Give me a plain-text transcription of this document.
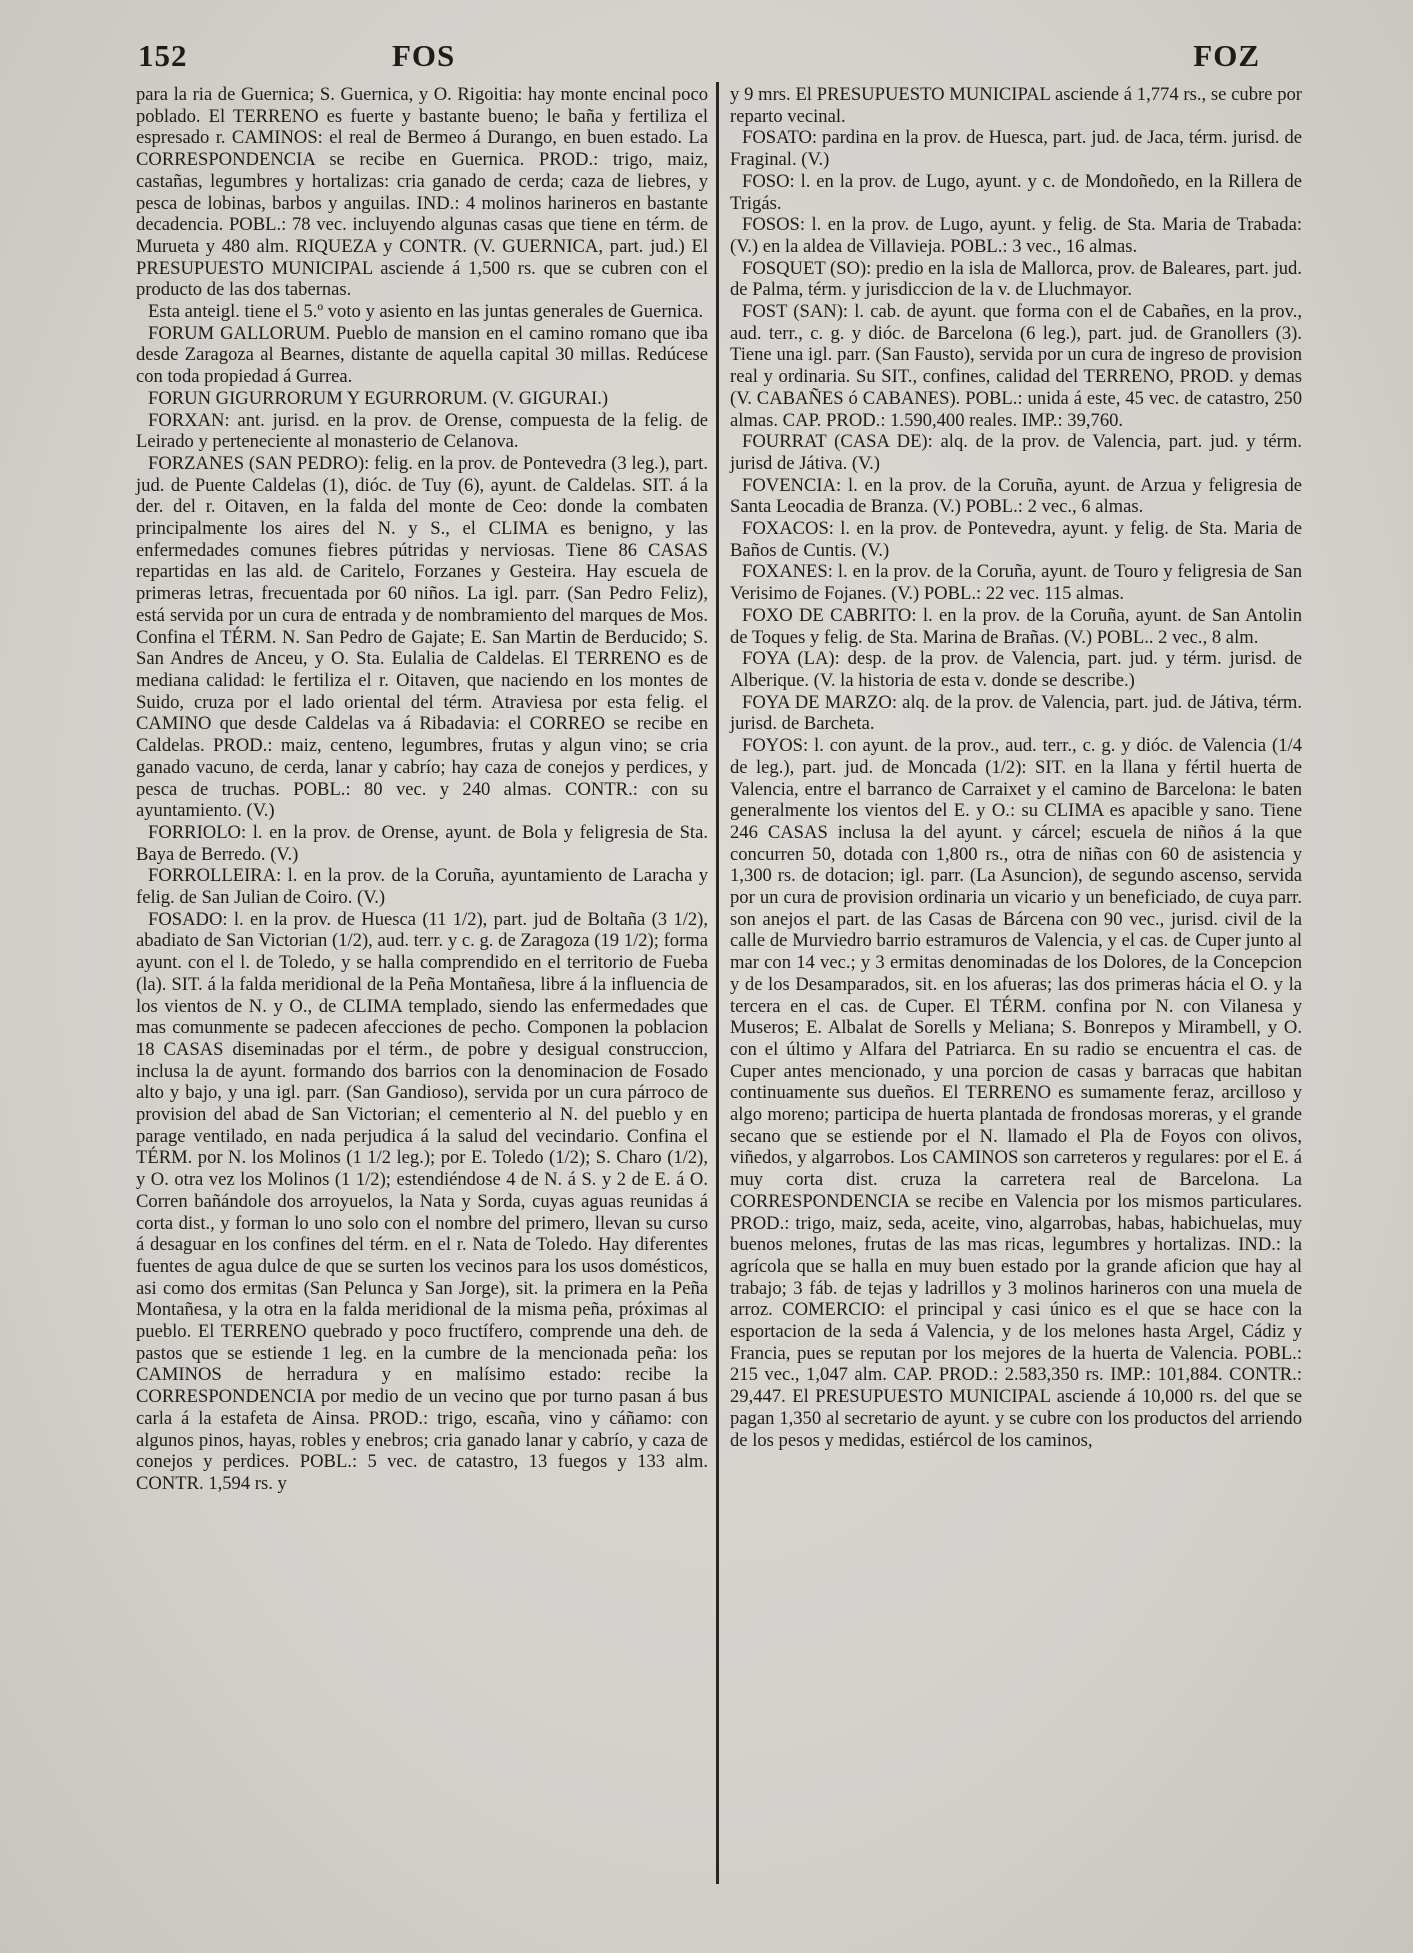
152	FOS	FOZ

para la ria de Guernica; S. Guernica, y O. Rigoitia: hay monte encinal poco poblado. El TERRENO es fuerte y bastante bueno; le baña y fertiliza el espresado r. CAMINOS: el real de Bermeo á Durango, en buen estado. La CORRESPONDENCIA se recibe en Guernica. PROD.: trigo, maiz, castañas, legumbres y hortalizas: cria ganado de cerda; caza de liebres, y pesca de lobinas, barbos y anguilas. IND.: 4 molinos harineros en bastante decadencia. POBL.: 78 vec. incluyendo algunas casas que tiene en térm. de Murueta y 480 alm. RIQUEZA y CONTR. (V. GUERNICA, part. jud.) El PRESUPUESTO MUNICIPAL asciende á 1,500 rs. que se cubren con el producto de las dos tabernas.

Esta anteigl. tiene el 5.º voto y asiento en las juntas generales de Guernica.

FORUM GALLORUM. Pueblo de mansion en el camino romano que iba desde Zaragoza al Bearnes, distante de aquella capital 30 millas. Redúcese con toda propiedad á Gurrea.

FORUN GIGURRORUM Y EGURRORUM. (V. GIGURAI.)

FORXAN: ant. jurisd. en la prov. de Orense, compuesta de la felig. de Leirado y perteneciente al monasterio de Celanova.

FORZANES (SAN PEDRO): felig. en la prov. de Pontevedra (3 leg.), part. jud. de Puente Caldelas (1), dióc. de Tuy (6), ayunt. de Caldelas. SIT. á la der. del r. Oitaven, en la falda del monte de Ceo: donde la combaten principalmente los aires del N. y S., el CLIMA es benigno, y las enfermedades comunes fiebres pútridas y nerviosas. Tiene 86 CASAS repartidas en las ald. de Caritelo, Forzanes y Gesteira. Hay escuela de primeras letras, frecuentada por 60 niños. La igl. parr. (San Pedro Feliz), está servida por un cura de entrada y de nombramiento del marques de Mos. Confina el TÉRM. N. San Pedro de Gajate; E. San Martin de Berducido; S. San Andres de Anceu, y O. Sta. Eulalia de Caldelas. El TERRENO es de mediana calidad: le fertiliza el r. Oitaven, que naciendo en los montes de Suido, cruza por el lado oriental del térm. Atraviesa por esta felig. el CAMINO que desde Caldelas va á Ribadavia: el CORREO se recibe en Caldelas. PROD.: maiz, centeno, legumbres, frutas y algun vino; se cria ganado vacuno, de cerda, lanar y cabrío; hay caza de conejos y perdices, y pesca de truchas. POBL.: 80 vec. y 240 almas. CONTR.: con su ayuntamiento. (V.)

FORRIOLO: l. en la prov. de Orense, ayunt. de Bola y feligresia de Sta. Baya de Berredo. (V.)

FORROLLEIRA: l. en la prov. de la Coruña, ayuntamiento de Laracha y felig. de San Julian de Coiro. (V.)

FOSADO: l. en la prov. de Huesca (11 1/2), part. jud de Boltaña (3 1/2), abadiato de San Victorian (1/2), aud. terr. y c. g. de Zaragoza (19 1/2); forma ayunt. con el l. de Toledo, y se halla comprendido en el territorio de Fueba (la). SIT. á la falda meridional de la Peña Montañesa, libre á la influencia de los vientos de N. y O., de CLIMA templado, siendo las enfermedades que mas comunmente se padecen afecciones de pecho. Componen la poblacion 18 CASAS diseminadas por el térm., de pobre y desigual construccion, inclusa la de ayunt. formando dos barrios con la denominacion de Fosado alto y bajo, y una igl. parr. (San Gandioso), servida por un cura párroco de provision del abad de San Victorian; el cementerio al N. del pueblo y en parage ventilado, en nada perjudica á la salud del vecindario. Confina el TÉRM. por N. los Molinos (1 1/2 leg.); por E. Toledo (1/2); S. Charo (1/2), y O. otra vez los Molinos (1 1/2); estendiéndose 4 de N. á S. y 2 de E. á O. Corren bañándole dos arroyuelos, la Nata y Sorda, cuyas aguas reunidas á corta dist., y forman lo uno solo con el nombre del primero, llevan su curso á desaguar en los confines del térm. en el r. Nata de Toledo. Hay diferentes fuentes de agua dulce de que se surten los vecinos para los usos domésticos, asi como dos ermitas (San Pelunca y San Jorge), sit. la primera en la Peña Montañesa, y la otra en la falda meridional de la misma peña, próximas al pueblo. El TERRENO quebrado y poco fructífero, comprende una deh. de pastos que se estiende 1 leg. en la cumbre de la mencionada peña: los CAMINOS de herradura y en malísimo estado: recibe la CORRESPONDENCIA por medio de un vecino que por turno pasan á bus carla á la estafeta de Ainsa. PROD.: trigo, escaña, vino y cáñamo: con algunos pinos, hayas, robles y enebros; cria ganado lanar y cabrío, y caza de conejos y perdices. POBL.: 5 vec. de catastro, 13 fuegos y 133 alm. CONTR. 1,594 rs. y

y 9 mrs. El PRESUPUESTO MUNICIPAL asciende á 1,774 rs., se cubre por reparto vecinal.

FOSATO: pardina en la prov. de Huesca, part. jud. de Jaca, térm. jurisd. de Fraginal. (V.)

FOSO: l. en la prov. de Lugo, ayunt. y c. de Mondoñedo, en la Rillera de Trigás.

FOSOS: l. en la prov. de Lugo, ayunt. y felig. de Sta. Maria de Trabada: (V.) en la aldea de Villavieja. POBL.: 3 vec., 16 almas.

FOSQUET (SO): predio en la isla de Mallorca, prov. de Baleares, part. jud. de Palma, térm. y jurisdiccion de la v. de Lluchmayor.

FOST (SAN): l. cab. de ayunt. que forma con el de Cabañes, en la prov., aud. terr., c. g. y dióc. de Barcelona (6 leg.), part. jud. de Granollers (3). Tiene una igl. parr. (San Fausto), servida por un cura de ingreso de provision real y ordinaria. Su SIT., confines, calidad del TERRENO, PROD. y demas (V. CABAÑES ó CABANES). POBL.: unida á este, 45 vec. de catastro, 250 almas. CAP. PROD.: 1.590,400 reales. IMP.: 39,760.

FOURRAT (CASA DE): alq. de la prov. de Valencia, part. jud. y térm. jurisd de Játiva. (V.)

FOVENCIA: l. en la prov. de la Coruña, ayunt. de Arzua y feligresia de Santa Leocadia de Branza. (V.) POBL.: 2 vec., 6 almas.

FOXACOS: l. en la prov. de Pontevedra, ayunt. y felig. de Sta. Maria de Baños de Cuntis. (V.)

FOXANES: l. en la prov. de la Coruña, ayunt. de Touro y feligresia de San Verisimo de Fojanes. (V.) POBL.: 22 vec. 115 almas.

FOXO DE CABRITO: l. en la prov. de la Coruña, ayunt. de San Antolin de Toques y felig. de Sta. Marina de Brañas. (V.) POBL.. 2 vec., 8 alm.

FOYA (LA): desp. de la prov. de Valencia, part. jud. y térm. jurisd. de Alberique. (V. la historia de esta v. donde se describe.)

FOYA DE MARZO: alq. de la prov. de Valencia, part. jud. de Játiva, térm. jurisd. de Barcheta.

FOYOS: l. con ayunt. de la prov., aud. terr., c. g. y dióc. de Valencia (1/4 de leg.), part. jud. de Moncada (1/2): SIT. en la llana y fértil huerta de Valencia, entre el barranco de Carraixet y el camino de Barcelona: le baten generalmente los vientos del E. y O.: su CLIMA es apacible y sano. Tiene 246 CASAS inclusa la del ayunt. y cárcel; escuela de niños á la que concurren 50, dotada con 1,800 rs., otra de niñas con 60 de asistencia y 1,300 rs. de dotacion; igl. parr. (La Asuncion), de segundo ascenso, servida por un cura de provision ordinaria un vicario y un beneficiado, de cuya parr. son anejos el part. de las Casas de Bárcena con 90 vec., jurisd. civil de la calle de Murviedro barrio estramuros de Valencia, y el cas. de Cuper junto al mar con 14 vec.; y 3 ermitas denominadas de los Dolores, de la Concepcion y de los Desamparados, sit. en los afueras; las dos primeras hácia el O. y la tercera en el cas. de Cuper. El TÉRM. confina por N. con Vilanesa y Museros; E. Albalat de Sorells y Meliana; S. Bonrepos y Mirambell, y O. con el último y Alfara del Patriarca. En su radio se encuentra el cas. de Cuper antes mencionado, y una porcion de casas y barracas que habitan continuamente sus dueños. El TERRENO es sumamente feraz, arcilloso y algo moreno; participa de huerta plantada de frondosas moreras, y el grande secano que se estiende por el N. llamado el Pla de Foyos con olivos, viñedos, y algarrobos. Los CAMINOS son carreteros y regulares: por el E. á muy corta dist. cruza la carretera real de Barcelona. La CORRESPONDENCIA se recibe en Valencia por los mismos particulares. PROD.: trigo, maiz, seda, aceite, vino, algarrobas, habas, habichuelas, muy buenos melones, frutas de las mas ricas, legumbres y hortalizas. IND.: la agrícola que se halla en muy buen estado por la grande aficion que hay al trabajo; 3 fáb. de tejas y ladrillos y 3 molinos harineros con una muela de arroz. COMERCIO: el principal y casi único es el que se hace con la esportacion de la seda á Valencia, y de los melones hasta Argel, Cádiz y Francia, pues se reputan por los mejores de la huerta de Valencia. POBL.: 215 vec., 1,047 alm. CAP. PROD.: 2.583,350 rs. IMP.: 101,884. CONTR.: 29,447. El PRESUPUESTO MUNICIPAL asciende á 10,000 rs. del que se pagan 1,350 al secretario de ayunt. y se cubre con los productos del arriendo de los pesos y medidas, estiércol de los caminos,
